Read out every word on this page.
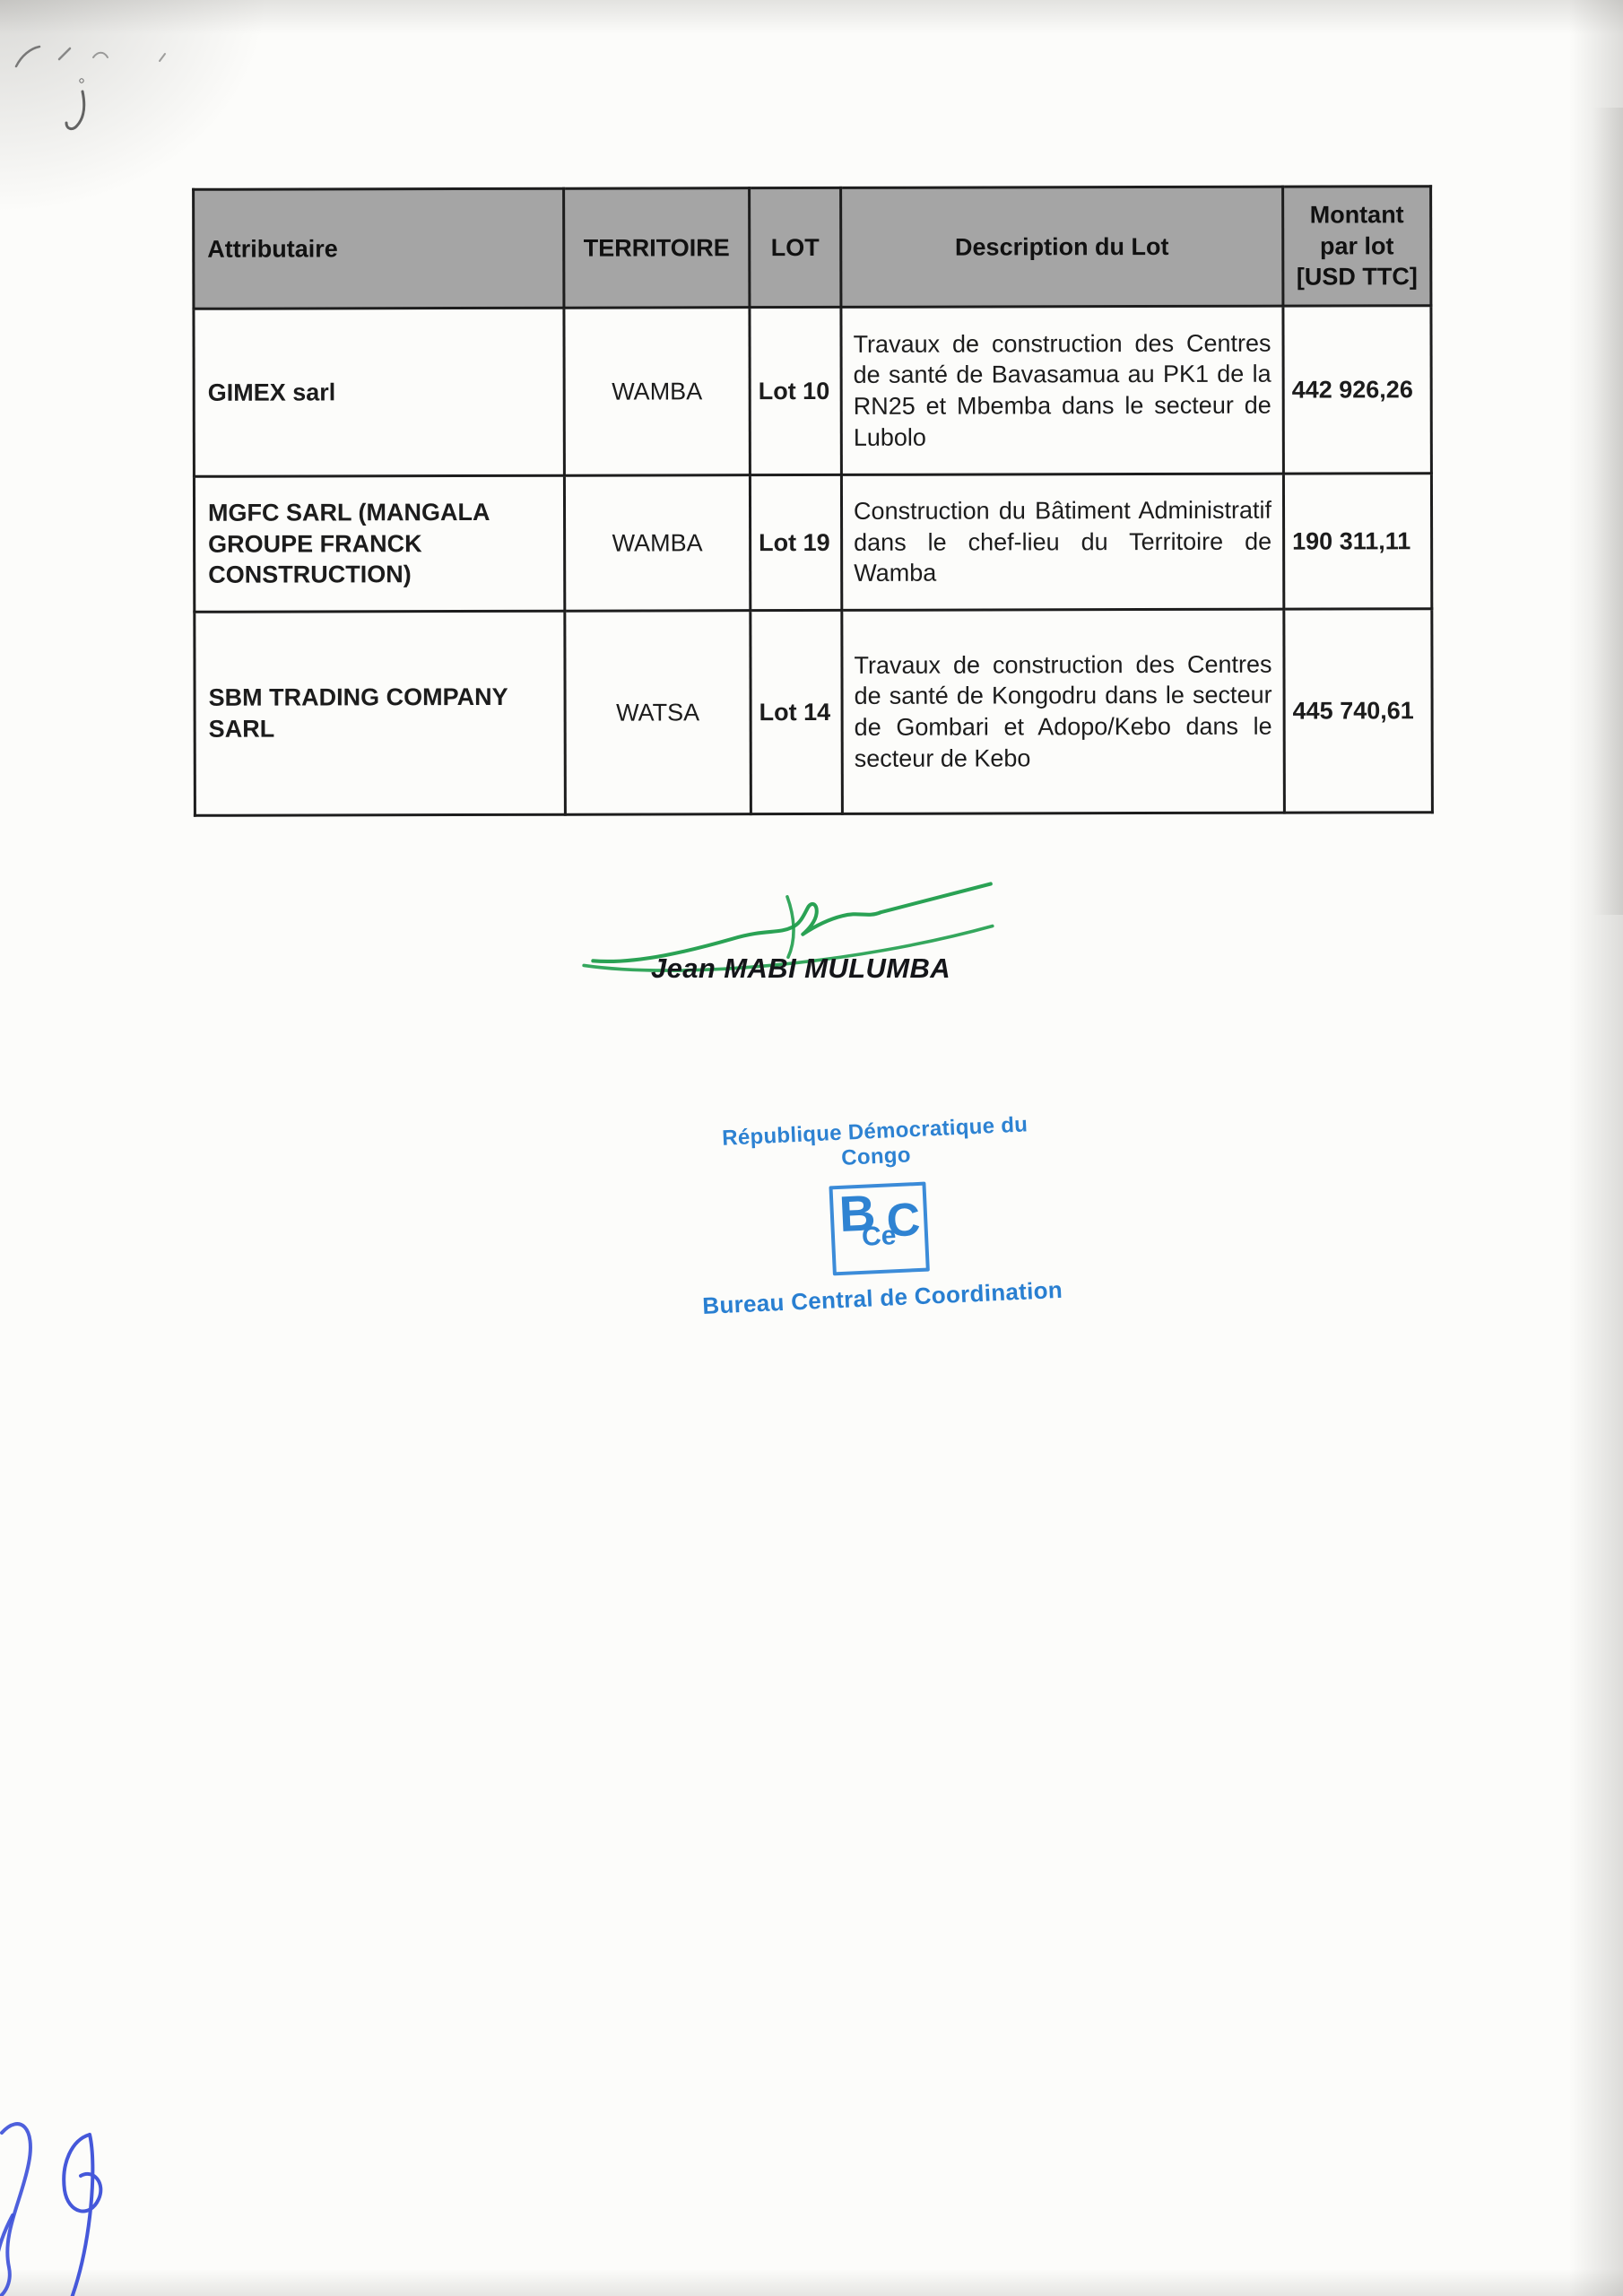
Attributaire	TERRITOIRE	LOT	Description du Lot	Montant par lot [USD TTC]
GIMEX sarl	WAMBA	Lot 10	Travaux de construction des Centres de santé de Bavasamua au PK1 de la RN25 et Mbemba dans le secteur de Lubolo	442 926,26
MGFC SARL (MANGALA GROUPE FRANCK CONSTRUCTION)	WAMBA	Lot 19	Construction du Bâtiment Administratif dans le chef-lieu du Territoire de Wamba	190 311,11
SBM TRADING COMPANY SARL	WATSA	Lot 14	Travaux de construction des Centres de santé de Kongodru dans le secteur de Gombari et Adopo/Kebo dans le secteur de Kebo	445 740,61
Jean MABI MULUMBA
République Démocratique du Congo
B C
Ce
Bureau Central de Coordination
